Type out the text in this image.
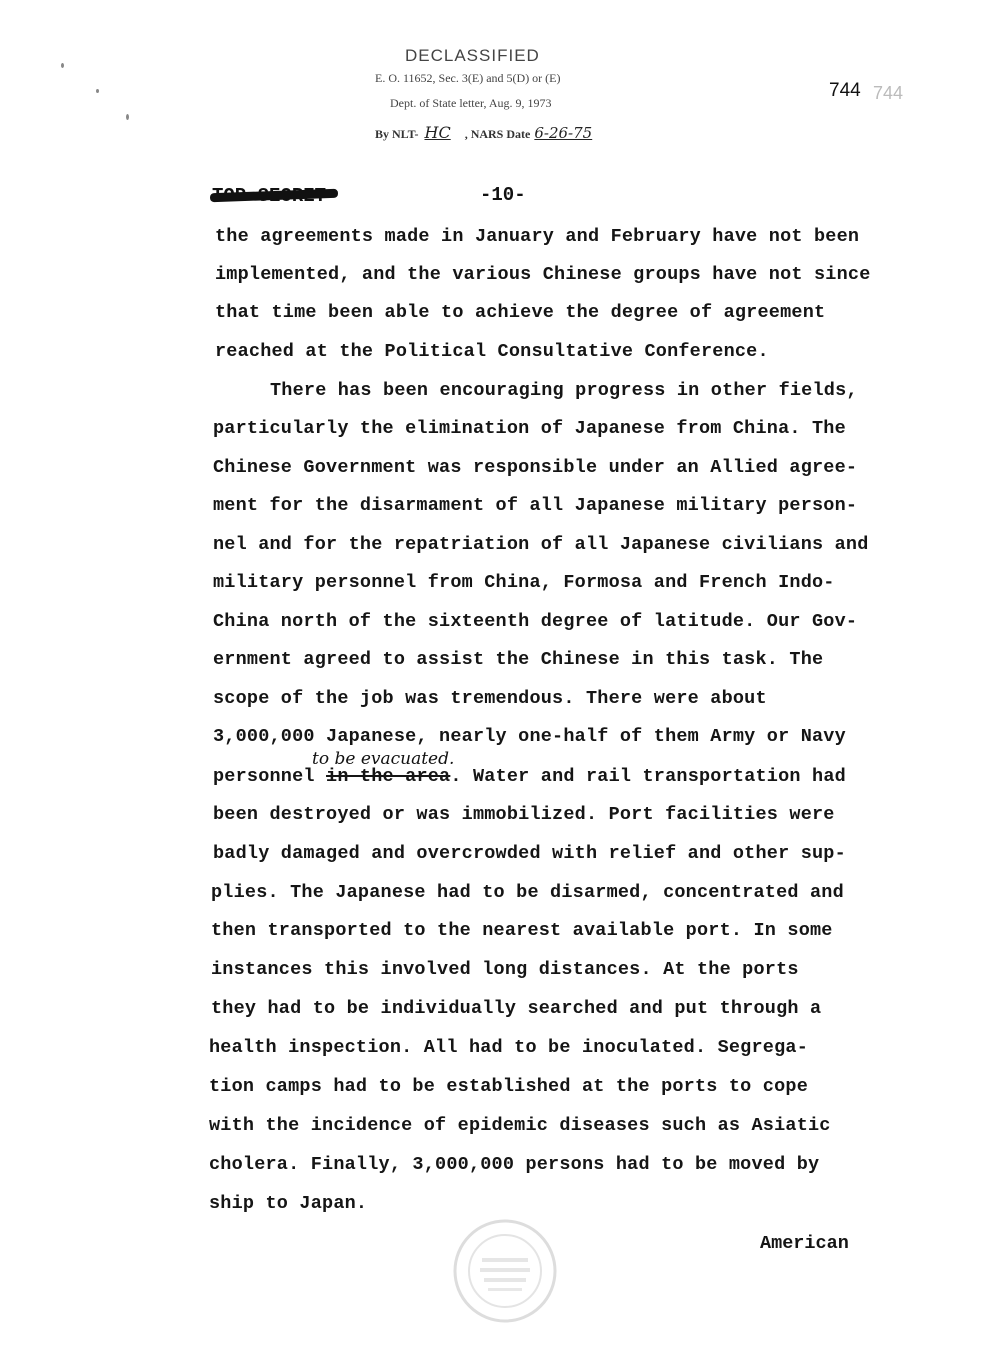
DECLASSIFIED
E. O. 11652, Sec. 3(E) and 5(D) or (E)
Dept. of State letter, Aug. 9, 1973
By NLT- HC , NARS Date 6-26-75
744 744
-10-
the agreements made in January and February have not been
implemented, and the various Chinese groups have not since
that time been able to achieve the degree of agreement
reached at the Political Consultative Conference.
There has been encouraging progress in other fields,
particularly the elimination of Japanese from China. The
Chinese Government was responsible under an Allied agree-
ment for the disarmament of all Japanese military person-
nel and for the repatriation of all Japanese civilians and
military personnel from China, Formosa and French Indo-
China north of the sixteenth degree of latitude. Our Gov-
ernment agreed to assist the Chinese in this task. The
scope of the job was tremendous. There were about
3,000,000 Japanese, nearly one-half of them Army or Navy
personnel in the area. Water and rail transportation had
been destroyed or was immobilized. Port facilities were
badly damaged and overcrowded with relief and other sup-
plies. The Japanese had to be disarmed, concentrated and
then transported to the nearest available port. In some
instances this involved long distances. At the ports
they had to be individually searched and put through a
health inspection. All had to be inoculated. Segrega-
tion camps had to be established at the ports to cope
with the incidence of epidemic diseases such as Asiatic
cholera. Finally, 3,000,000 persons had to be moved by
ship to Japan.
to be evacuated.
American
